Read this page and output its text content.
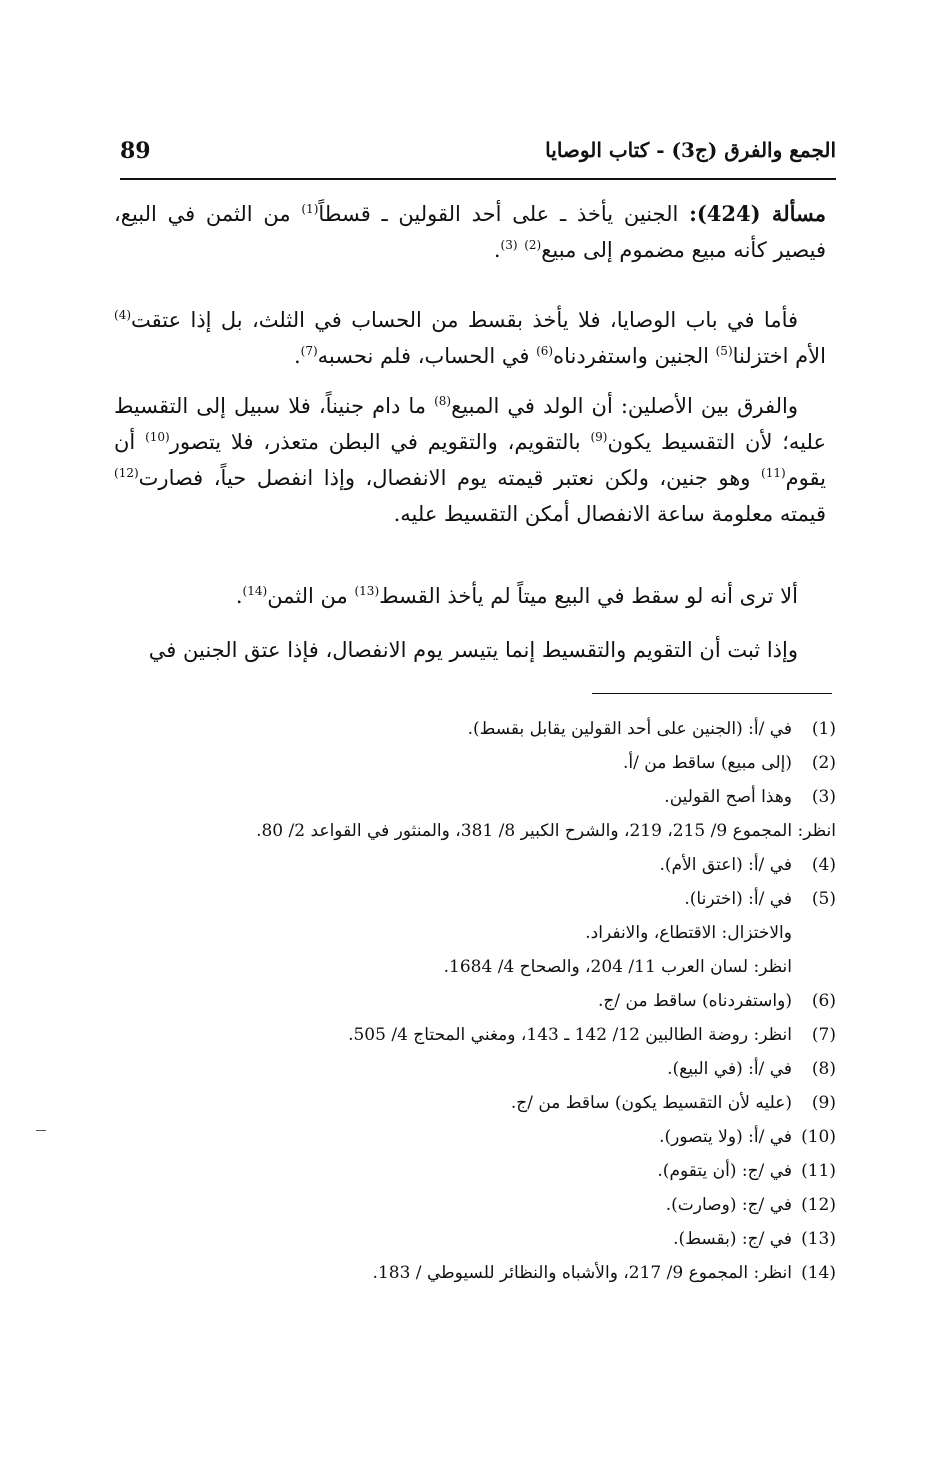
89	الجمع والفرق (ج3) - كتاب الوصايا

مسألة (424): الجنين يأخذ ـ على أحد القولين ـ قسطاً$^{(1)}$ من الثمن في البيع، فيصير كأنه مبيع مضموم إلى مبيع$^{(2)}$ $^{(3)}$.

فأما في باب الوصايا، فلا يأخذ بقسط من الحساب في الثلث، بل إذا عتقت$^{(4)}$ الأم اختزلنا$^{(5)}$ الجنين واستفردناه$^{(6)}$ في الحساب، فلم نحسبه$^{(7)}$.

والفرق بين الأصلين: أن الولد في المبيع$^{(8)}$ ما دام جنيناً، فلا سبيل إلى التقسيط عليه؛ لأن التقسيط يكون$^{(9)}$ بالتقويم، والتقويم في البطن متعذر، فلا يتصور$^{(10)}$ أن يقوم$^{(11)}$ وهو جنين، ولكن نعتبر قيمته يوم الانفصال، وإذا انفصل حياً، فصارت$^{(12)}$ قيمته معلومة ساعة الانفصال أمكن التقسيط عليه.

ألا ترى أنه لو سقط في البيع ميتاً لم يأخذ القسط$^{(13)}$ من الثمن$^{(14)}$.

وإذا ثبت أن التقويم والتقسيط إنما يتيسر يوم الانفصال، فإذا عتق الجنين في

(1)
في /أ: (الجنين على أحد القولين يقابل بقسط).
(2)
(إلى مبيع) ساقط من /أ.
(3)
وهذا أصح القولين.
انظر: المجموع 9/ 215، 219، والشرح الكبير 8/ 381، والمنثور في القواعد 2/ 80.
(4)
في /أ: (اعتق الأم).
(5)
في /أ: (اخترنا).
والاختزال: الاقتطاع، والانفراد.
انظر: لسان العرب 11/ 204، والصحاح 4/ 1684.
(6)
(واستفردناه) ساقط من /ج.
(7)
انظر: روضة الطالبين 12/ 142 ـ 143، ومغني المحتاج 4/ 505.
(8)
في /أ: (في البيع).
(9)
(عليه لأن التقسيط يكون) ساقط من /ج.
(10)
في /أ: (ولا يتصور).
(11)
في /ج: (أن يتقوم).
(12)
في /ج: (وصارت).
(13)
في /ج: (بقسط).
(14)
انظر: المجموع 9/ 217، والأشباه والنظائر للسيوطي / 183.
